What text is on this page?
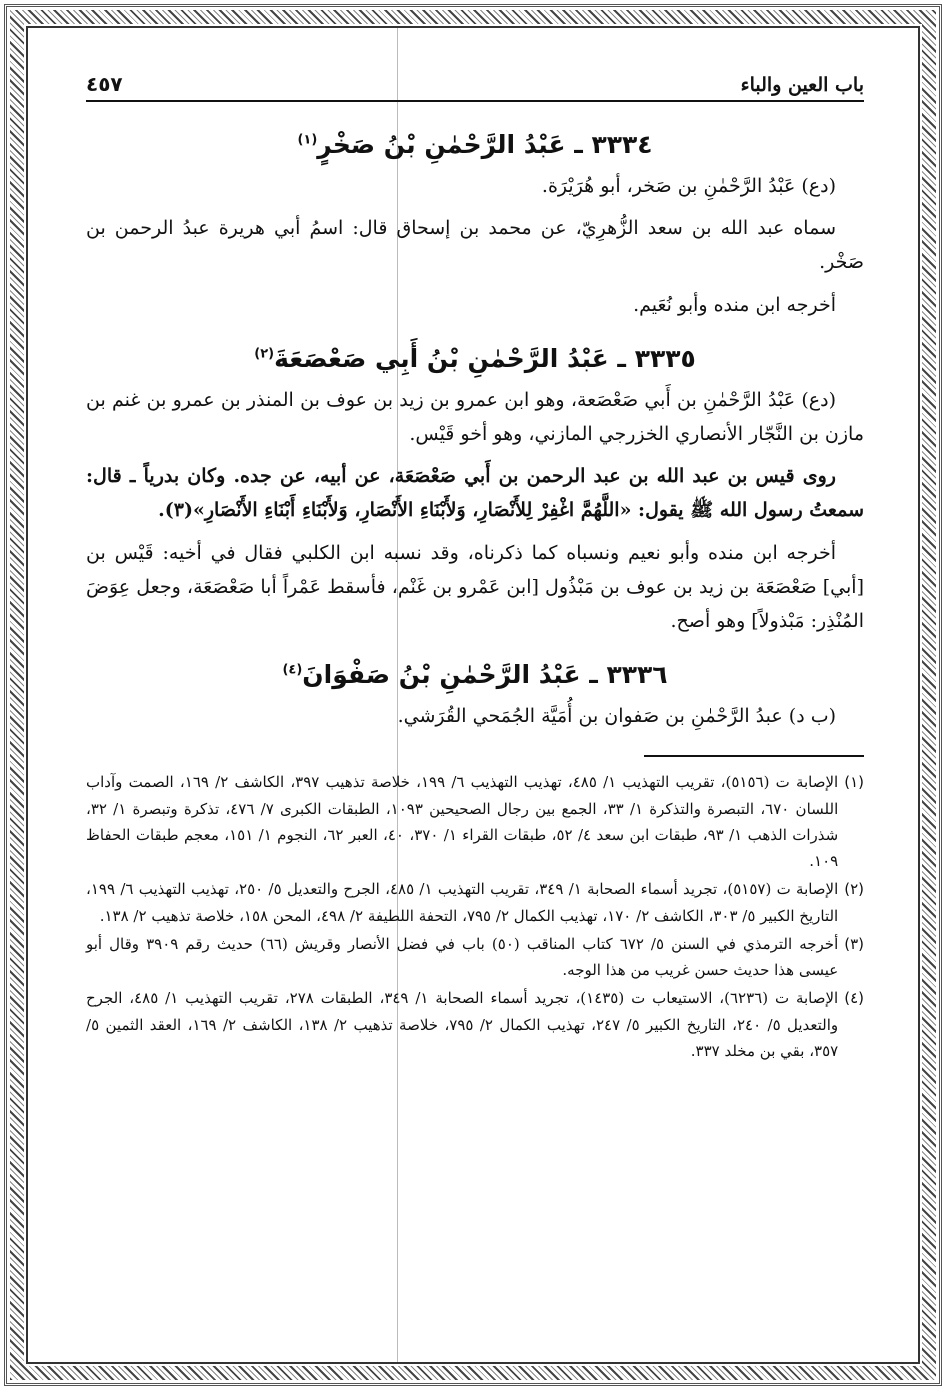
باب العين والباء
٤٥٧
٣٣٣٤ ـ عَبْدُ الرَّحْمٰنِ بْنُ صَخْرٍ$^{(١)}$

(دع) عَبْدُ الرَّحْمٰنِ بن صَخر، أبو هُرَيْرَة.

سماه عبد الله بن سعد الزُّهرِيّ، عن محمد بن إسحاق قال: اسمُ أبي هريرة عبدُ الرحمن بن صَخْر.

أخرجه ابن منده وأبو نُعَيم.

٣٣٣٥ ـ عَبْدُ الرَّحْمٰنِ بْنُ أَبِي صَعْصَعَةَ$^{(٢)}$

(دع) عَبْدُ الرَّحْمٰنِ بن أَبي صَعْصَعة، وهو ابن عمرو بن زيد بن عوف بن المنذر بن عمرو بن غنم بن مازن بن النَّجّار الأنصاري الخزرجي المازني، وهو أخو قَيْس.

روى قيس بن عبد الله بن عبد الرحمن بن أَبي صَعْصَعَة، عن أبيه، عن جده. وكان بدرياً ـ قال: سمعتُ رسول الله ﷺ يقول: «اللَّهُمَّ اغْفِرْ لِلأَنْصَارِ، وَلأَبْنَاءِ الأَنْصَارِ، وَلأَبْنَاءِ أَبْنَاءِ الأَنْصَارِ»(٣).

أخرجه ابن منده وأبو نعيم ونسباه كما ذكرناه، وقد نسبه ابن الكلبي فقال في أخيه: قَيْس بن [أبي] صَعْصَعَة بن زيد بن عوف بن مَبْذُول [ابن عَمْرو بن غَنْم، فأسقط عَمْراً أبا صَعْصَعَة، وجعل عِوَضَ المُنْذِر: مَبْذولاً] وهو أصح.

٣٣٣٦ ـ عَبْدُ الرَّحْمٰنِ بْنُ صَفْوَانَ$^{(٤)}$

(ب د) عبدُ الرَّحْمٰنِ بن صَفوان بن أُمَيَّة الجُمَحي القُرَشي.

(١)
الإصابة ت (٥١٥٦)، تقريب التهذيب ١/ ٤٨٥، تهذيب التهذيب ٦/ ١٩٩، خلاصة تذهيب ٣٩٧، الكاشف ٢/ ١٦٩، الصمت وآداب اللسان ٦٧٠، التبصرة والتذكرة ١/ ٣٣، الجمع بين رجال الصحيحين ١٠٩٣، الطبقات الكبرى ٧/ ٤٧٦، تذكرة وتبصرة ١/ ٣٢، شذرات الذهب ١/ ٩٣، طبقات ابن سعد ٤/ ٥٢، طبقات القراء ١/ ٣٧٠، ٤٠، العبر ٦٢، النجوم ١/ ١٥١، معجم طبقات الحفاظ ١٠٩.
(٢)
الإصابة ت (٥١٥٧)، تجريد أسماء الصحابة ١/ ٣٤٩، تقريب التهذيب ١/ ٤٨٥، الجرح والتعديل ٥/ ٢٥٠، تهذيب التهذيب ٦/ ١٩٩، التاريخ الكبير ٥/ ٣٠٣، الكاشف ٢/ ١٧٠، تهذيب الكمال ٢/ ٧٩٥، التحفة اللطيفة ٢/ ٤٩٨، المحن ١٥٨، خلاصة تذهيب ٢/ ١٣٨.
(٣)
أخرجه الترمذي في السنن ٥/ ٦٧٢ كتاب المناقب (٥٠) باب في فضل الأنصار وقريش (٦٦) حديث رقم ٣٩٠٩ وقال أبو عيسى هذا حديث حسن غريب من هذا الوجه.
(٤)
الإصابة ت (٦٢٣٦)، الاستيعاب ت (١٤٣٥)، تجريد أسماء الصحابة ١/ ٣٤٩، الطبقات ٢٧٨، تقريب التهذيب ١/ ٤٨٥، الجرح والتعديل ٥/ ٢٤٠، التاريخ الكبير ٥/ ٢٤٧، تهذيب الكمال ٢/ ٧٩٥، خلاصة تذهيب ٢/ ١٣٨، الكاشف ٢/ ١٦٩، العقد الثمين ٥/ ٣٥٧، بقي بن مخلد ٣٣٧.
